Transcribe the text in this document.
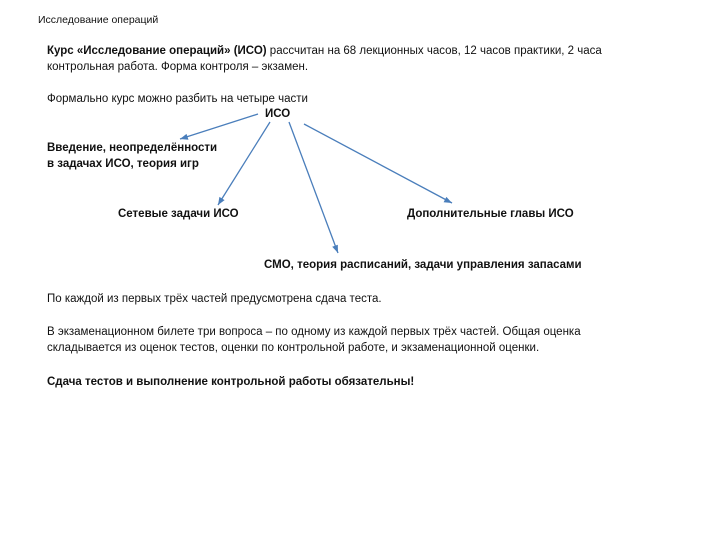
Исследование операций
Курс «Исследование операций» (ИСО) рассчитан на 68 лекционных часов, 12 часов практики, 2 часа
контрольная работа. Форма контроля – экзамен.
Формально курс можно разбить на четыре части
ИСО
Введение, неопределённости
в задачах ИСО, теория игр
Сетевые задачи ИСО	Дополнительные главы ИСО
СМО, теория расписаний, задачи управления запасами
По каждой из первых трёх частей предусмотрена сдача теста.
В экзаменационном билете три вопроса – по одному из каждой первых трёх частей. Общая оценка
складывается из оценок тестов, оценки по контрольной работе, и экзаменационной оценки.
Сдача тестов и выполнение контрольной работы обязательны!
